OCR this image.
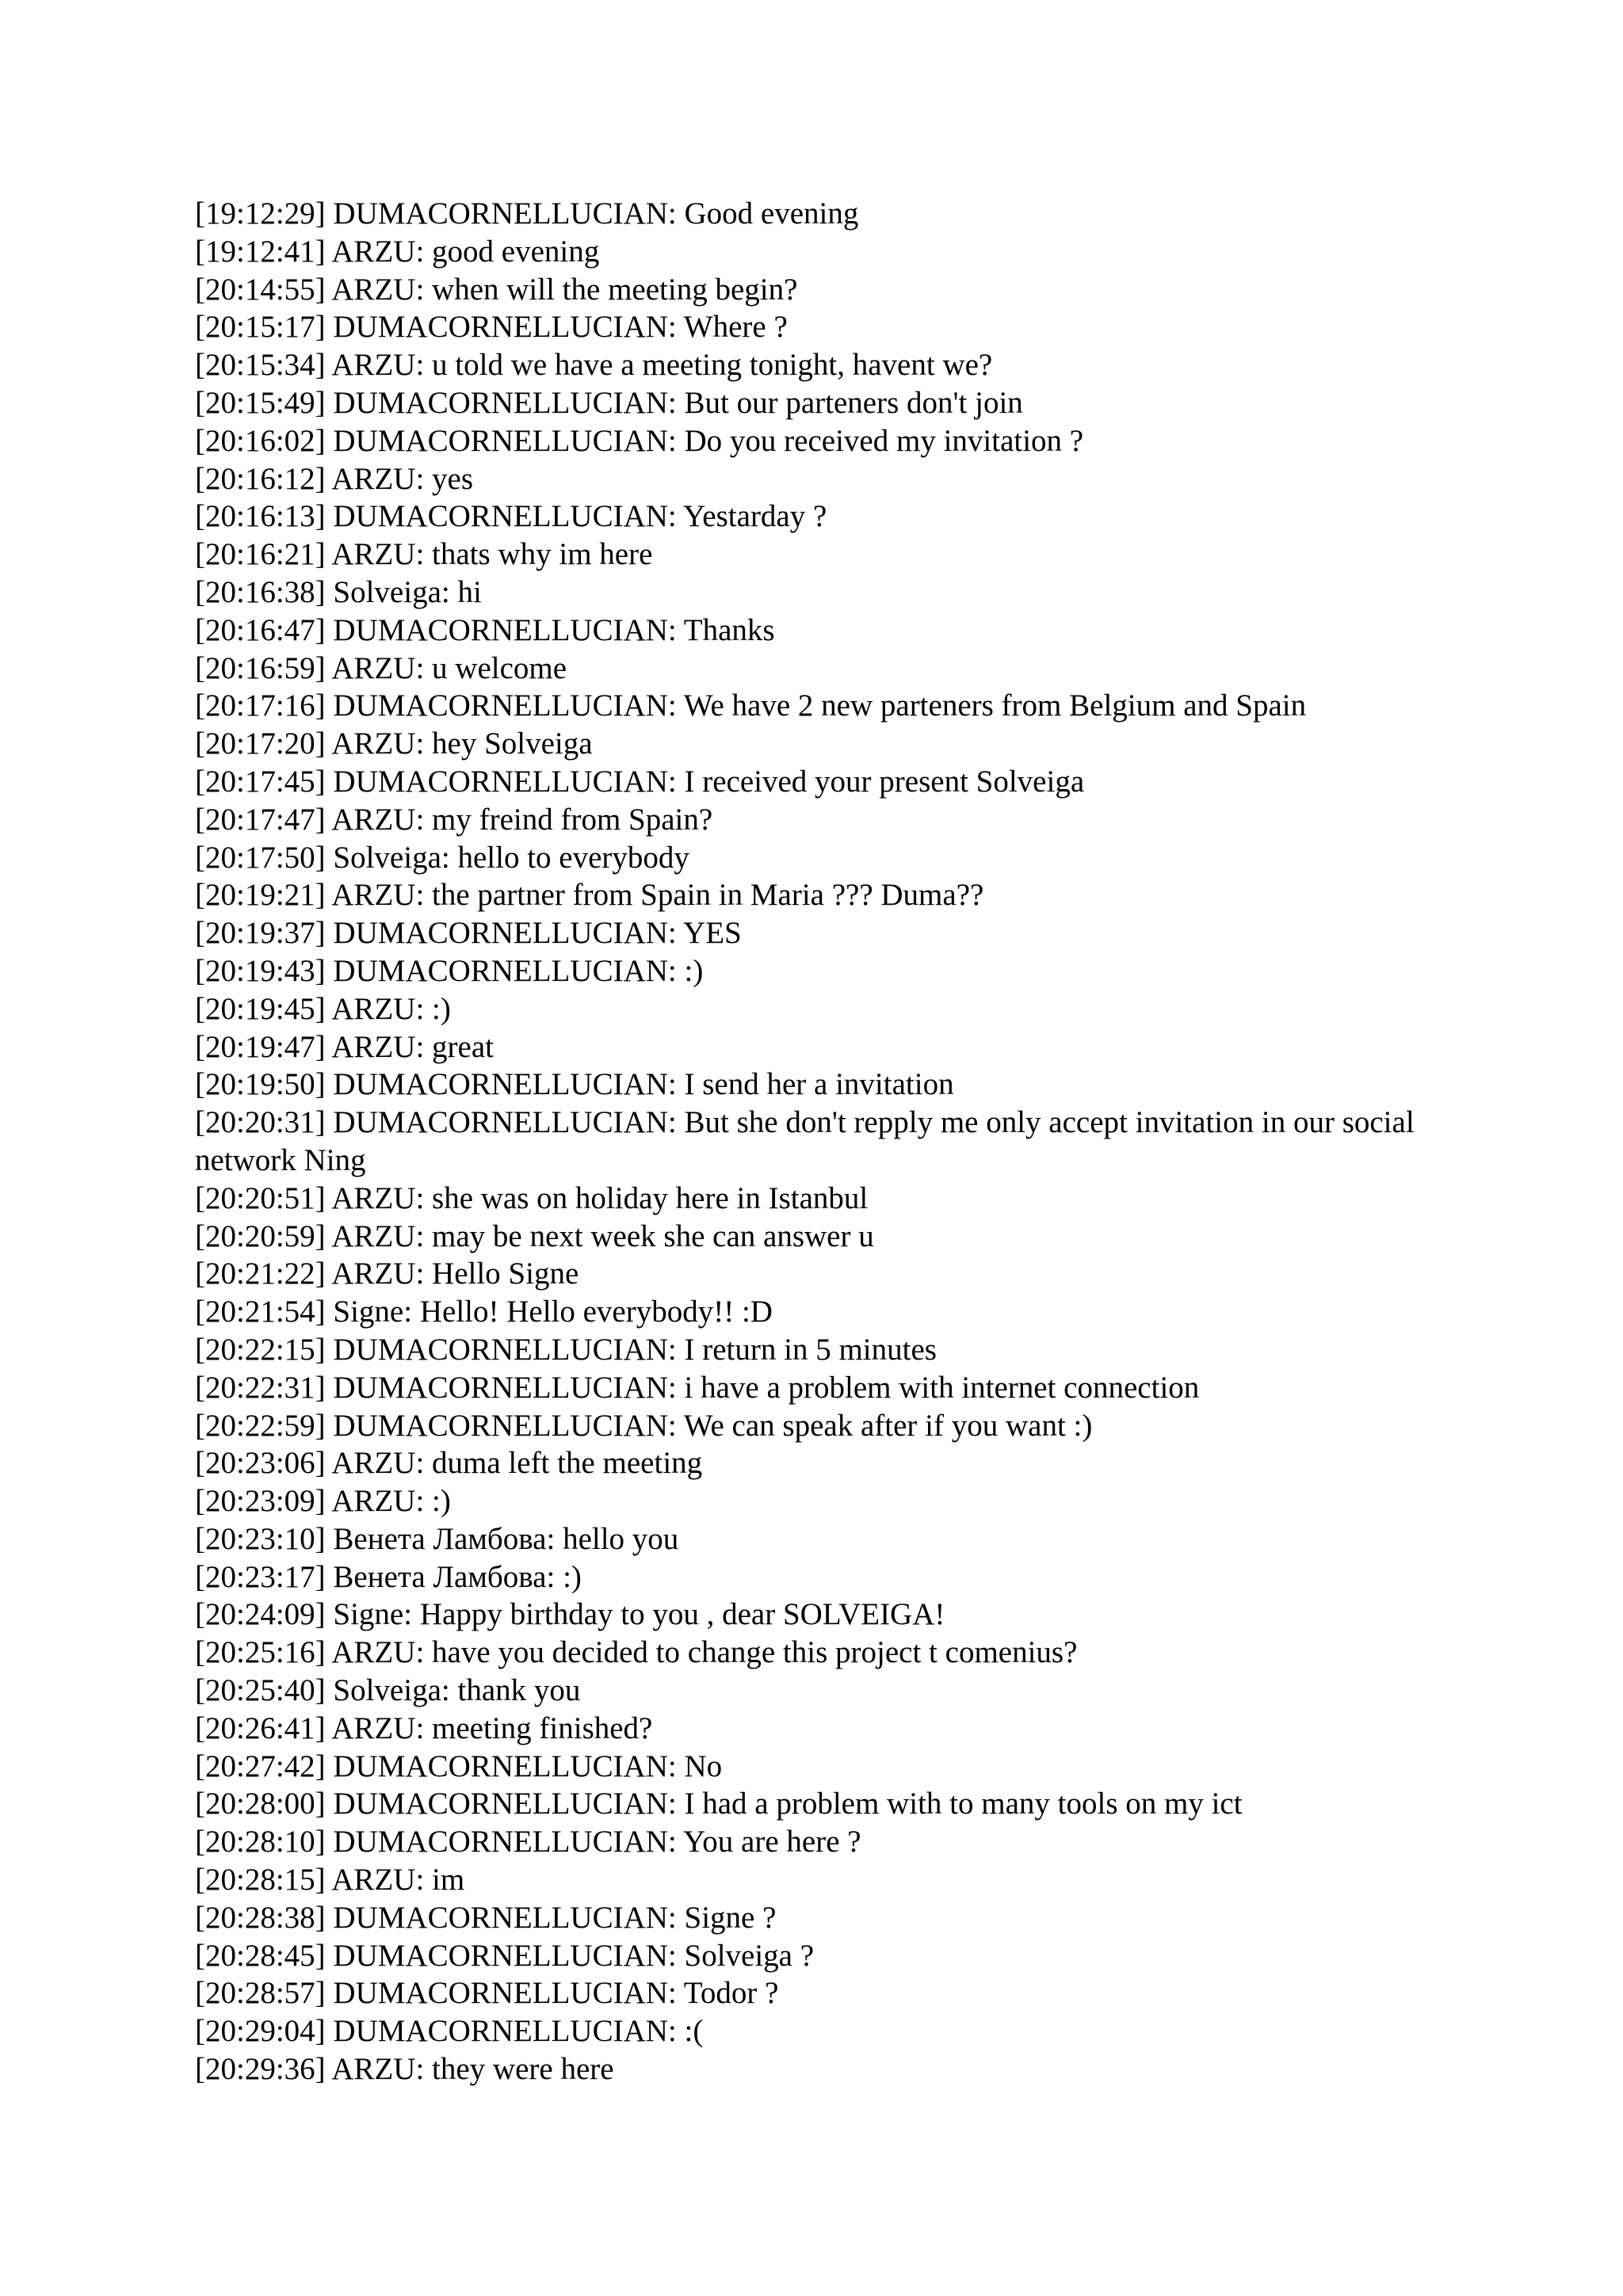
[19:12:29] DUMACORNELLUCIAN : Good evening
[19:12:41] ARZU : good evening
[20:14:55] ARZU : when will the meeting begin?
[20:15:17] DUMACORNELLUCIAN : Where ?
[20:15:34] ARZU : u told we have a meeting tonight, havent we?
[20:15:49] DUMACORNELLUCIAN : But our parteners don't join
[20:16:02] DUMACORNELLUCIAN : Do you received my invitation ?
[20:16:12] ARZU : yes
[20:16:13] DUMACORNELLUCIAN : Yestarday ?
[20:16:21] ARZU : thats why im here
[20:16:38] Solveiga : hi
[20:16:47] DUMACORNELLUCIAN : Thanks
[20:16:59] ARZU : u welcome
[20:17:16] DUMACORNELLUCIAN : We have 2 new parteners from Belgium and Spain
[20:17:20] ARZU : hey Solveiga
[20:17:45] DUMACORNELLUCIAN : I received your present Solveiga
[20:17:47] ARZU : my freind from Spain?
[20:17:50] Solveiga : hello to everybody
[20:19:21] ARZU : the partner from Spain in Maria ??? Duma??
[20:19:37] DUMACORNELLUCIAN : YES
[20:19:43] DUMACORNELLUCIAN : :)
[20:19:45] ARZU : :)
[20:19:47] ARZU : great
[20:19:50] DUMACORNELLUCIAN : I send her a invitation
[20:20:31] DUMACORNELLUCIAN : But she don't repply me only accept invitation in our social network Ning
[20:20:51] ARZU : she was on holiday here in Istanbul
[20:20:59] ARZU : may be next week she can answer u
[20:21:22] ARZU : Hello Signe
[20:21:54] Signe : Hello! Hello everybody!! :D
[20:22:15] DUMACORNELLUCIAN : I return in 5 minutes
[20:22:31] DUMACORNELLUCIAN : i have a problem with internet connection
[20:22:59] DUMACORNELLUCIAN : We can speak after if you want :)
[20:23:06] ARZU : duma left the meeting
[20:23:09] ARZU : :)
[20:23:10] Венета Ламбова : hello you
[20:23:17] Венета Ламбова : :)
[20:24:09] Signe : Happy birthday to you , dear SOLVEIGA!
[20:25:16] ARZU : have you decided to change this project t comenius?
[20:25:40] Solveiga : thank you
[20:26:41] ARZU : meeting finished?
[20:27:42] DUMACORNELLUCIAN : No
[20:28:00] DUMACORNELLUCIAN : I had a problem with to many tools on my ict
[20:28:10] DUMACORNELLUCIAN : You are here ?
[20:28:15] ARZU : im
[20:28:38] DUMACORNELLUCIAN : Signe ?
[20:28:45] DUMACORNELLUCIAN : Solveiga ?
[20:28:57] DUMACORNELLUCIAN : Todor ?
[20:29:04] DUMACORNELLUCIAN : :(
[20:29:36] ARZU : they were here
